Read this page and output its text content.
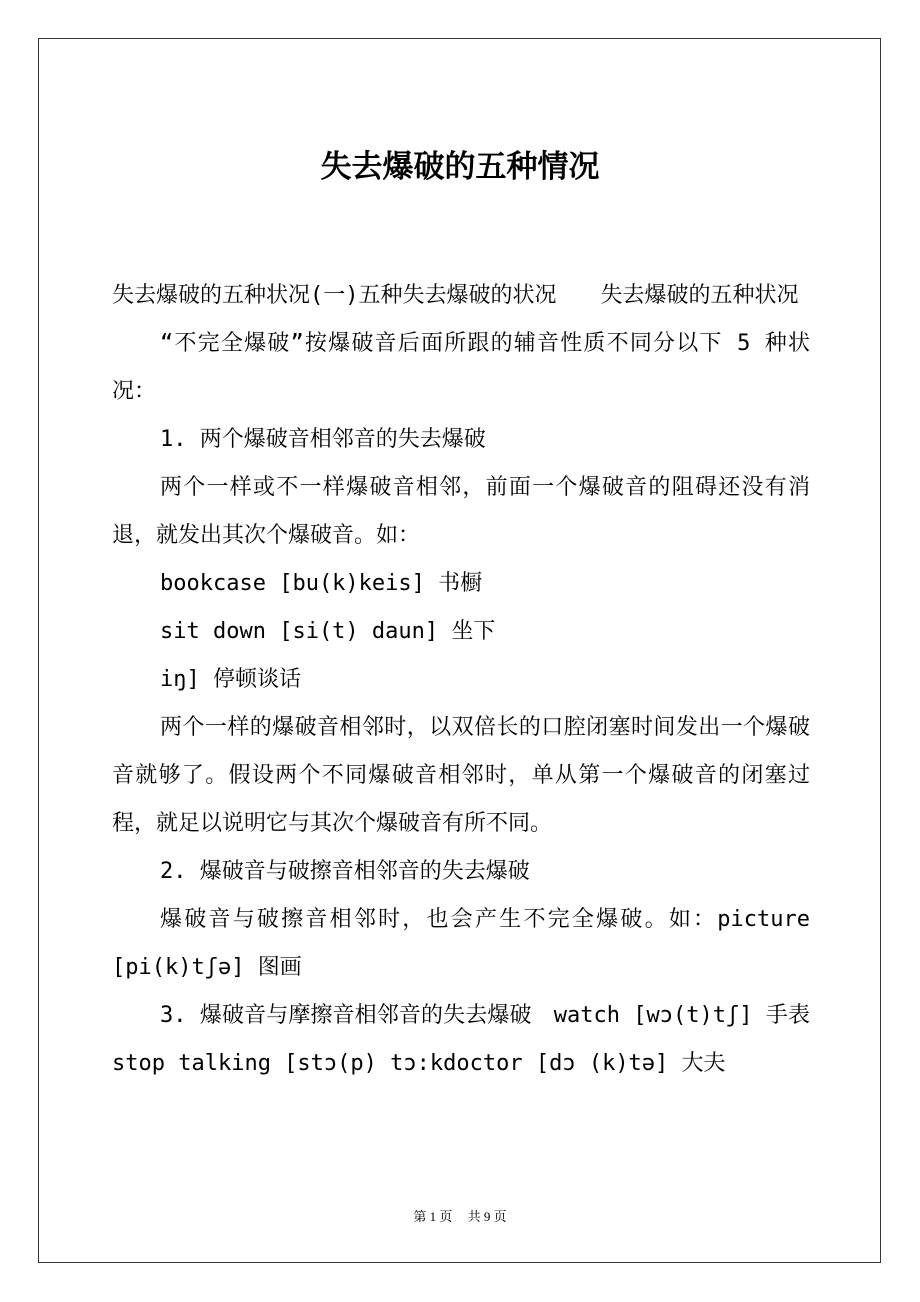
失去爆破的五种情况

失去爆破的五种状况(一)五种失去爆破的状况　　失去爆破的五种状况

“不完全爆破”按爆破音后面所跟的辅音性质不同分以下 5 种状况：

1. 两个爆破音相邻音的失去爆破

两个一样或不一样爆破音相邻，前面一个爆破音的阻碍还没有消退，就发出其次个爆破音。如：

bookcase [bu(k)keis] 书橱

sit down [si(t) daun] 坐下

iŋ] 停顿谈话

两个一样的爆破音相邻时，以双倍长的口腔闭塞时间发出一个爆破音就够了。假设两个不同爆破音相邻时，单从第一个爆破音的闭塞过程，就足以说明它与其次个爆破音有所不同。

2. 爆破音与破擦音相邻音的失去爆破

爆破音与破擦音相邻时，也会产生不完全爆破。如：picture [pi(k)tʃə] 图画

3. 爆破音与摩擦音相邻音的失去爆破　watch [wɔ(t)tʃ] 手表　stop talking [stɔ(p) tɔ:kdoctor [dɔ (k)tə] 大夫

第 1 页 共 9 页
